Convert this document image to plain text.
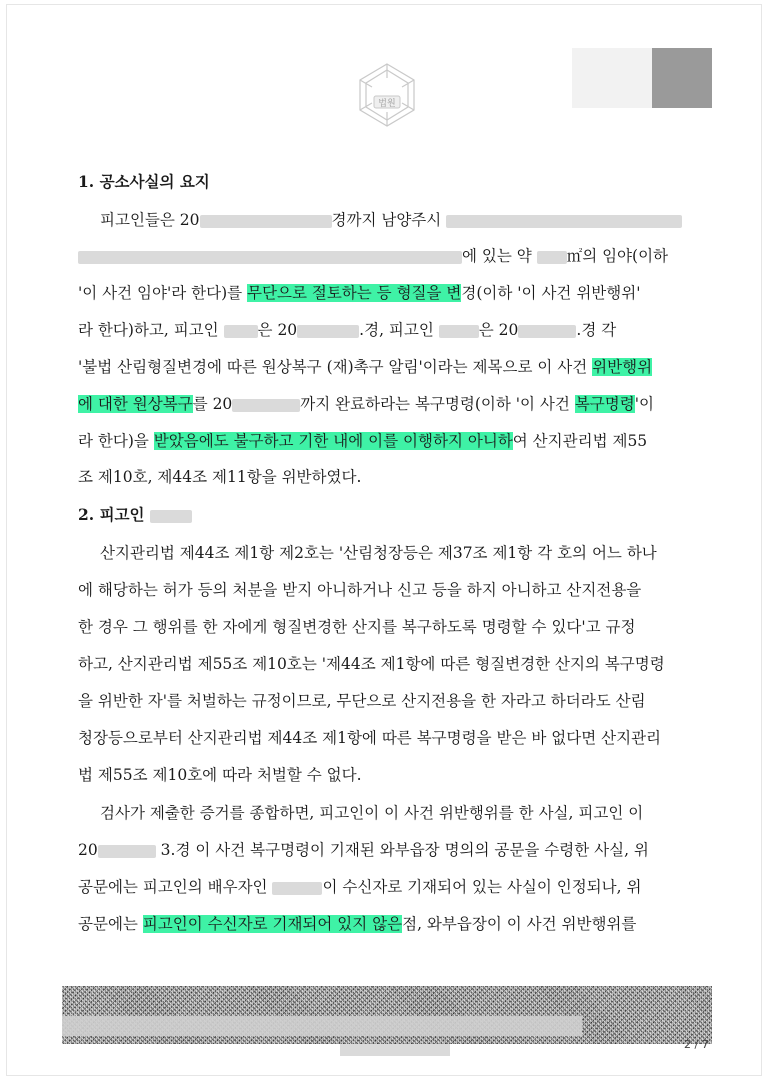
법원
1. 공소사실의 요지
피고인들은 20	경까지 남양주시
에 있는 약 ㎡의 임야(이하
'이 사건 임야'라 한다)를 무단으로 절토하는 등 형질을 변경(이하 '이 사건 위반행위'
라 한다)하고, 피고인 은 20	.경, 피고인	은 20	.경 각
'불법 산림형질변경에 따른 원상복구 (재)촉구 알림'이라는 제목으로 이 사건 위반행위
에 대한 원상복구를 20	까지 완료하라는 복구명령(이하 '이 사건 복구명령'이
라 한다)을 받았음에도 불구하고 기한 내에 이를 이행하지 아니하여 산지관리법 제55
조 제10호, 제44조 제11항을 위반하였다.
2. 피고인
산지관리법 제44조 제1항 제2호는 '산림청장등은 제37조 제1항 각 호의 어느 하나
에 해당하는 허가 등의 처분을 받지 아니하거나 신고 등을 하지 아니하고 산지전용을
한 경우 그 행위를 한 자에게 형질변경한 산지를 복구하도록 명령할 수 있다'고 규정
하고, 산지관리법 제55조 제10호는 '제44조 제1항에 따른 형질변경한 산지의 복구명령
을 위반한 자'를 처벌하는 규정이므로, 무단으로 산지전용을 한 자라고 하더라도 산림
청장등으로부터 산지관리법 제44조 제1항에 따른 복구명령을 받은 바 없다면 산지관리
법 제55조 제10호에 따라 처벌할 수 없다.
검사가 제출한 증거를 종합하면, 피고인이 이 사건 위반행위를 한 사실, 피고인 이
20	3.경 이 사건 복구명령이 기재된 와부읍장 명의의 공문을 수령한 사실, 위
공문에는 피고인의 배우자인	이 수신자로 기재되어 있는 사실이 인정되나, 위
공문에는 피고인이 수신자로 기재되어 있지 않은점, 와부읍장이 이 사건 위반행위를
2 / 7
